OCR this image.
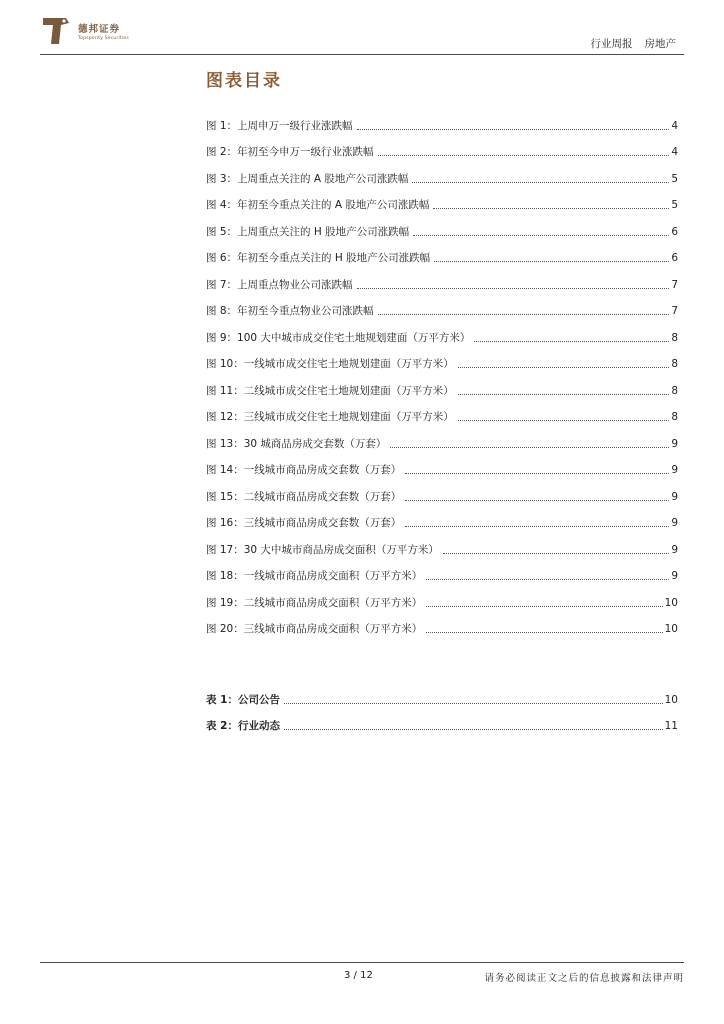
德邦证券
Topsperity Securities	行业周报 房地产
图表目录
图 1：上周申万一级行业涨跌幅	4
图 2：年初至今申万一级行业涨跌幅	4
图 3：上周重点关注的 A 股地产公司涨跌幅	5
图 4：年初至今重点关注的 A 股地产公司涨跌幅	5
图 5：上周重点关注的 H 股地产公司涨跌幅	6
图 6：年初至今重点关注的 H 股地产公司涨跌幅	6
图 7：上周重点物业公司涨跌幅	7
图 8：年初至今重点物业公司涨跌幅	7
图 9：100 大中城市成交住宅土地规划建面（万平方米）	8
图 10：一线城市成交住宅土地规划建面（万平方米）	8
图 11：二线城市成交住宅土地规划建面（万平方米）	8
图 12：三线城市成交住宅土地规划建面（万平方米）	8
图 13：30 城商品房成交套数（万套）	9
图 14：一线城市商品房成交套数（万套）	9
图 15：二线城市商品房成交套数（万套）	9
图 16：三线城市商品房成交套数（万套）	9
图 17：30 大中城市商品房成交面积（万平方米）	9
图 18：一线城市商品房成交面积（万平方米）	9
图 19：二线城市商品房成交面积（万平方米）	10
图 20：三线城市商品房成交面积（万平方米）	10
表 1：公司公告	10
表 2：行业动态	11
3 / 12	请务必阅读正文之后的信息披露和法律声明
